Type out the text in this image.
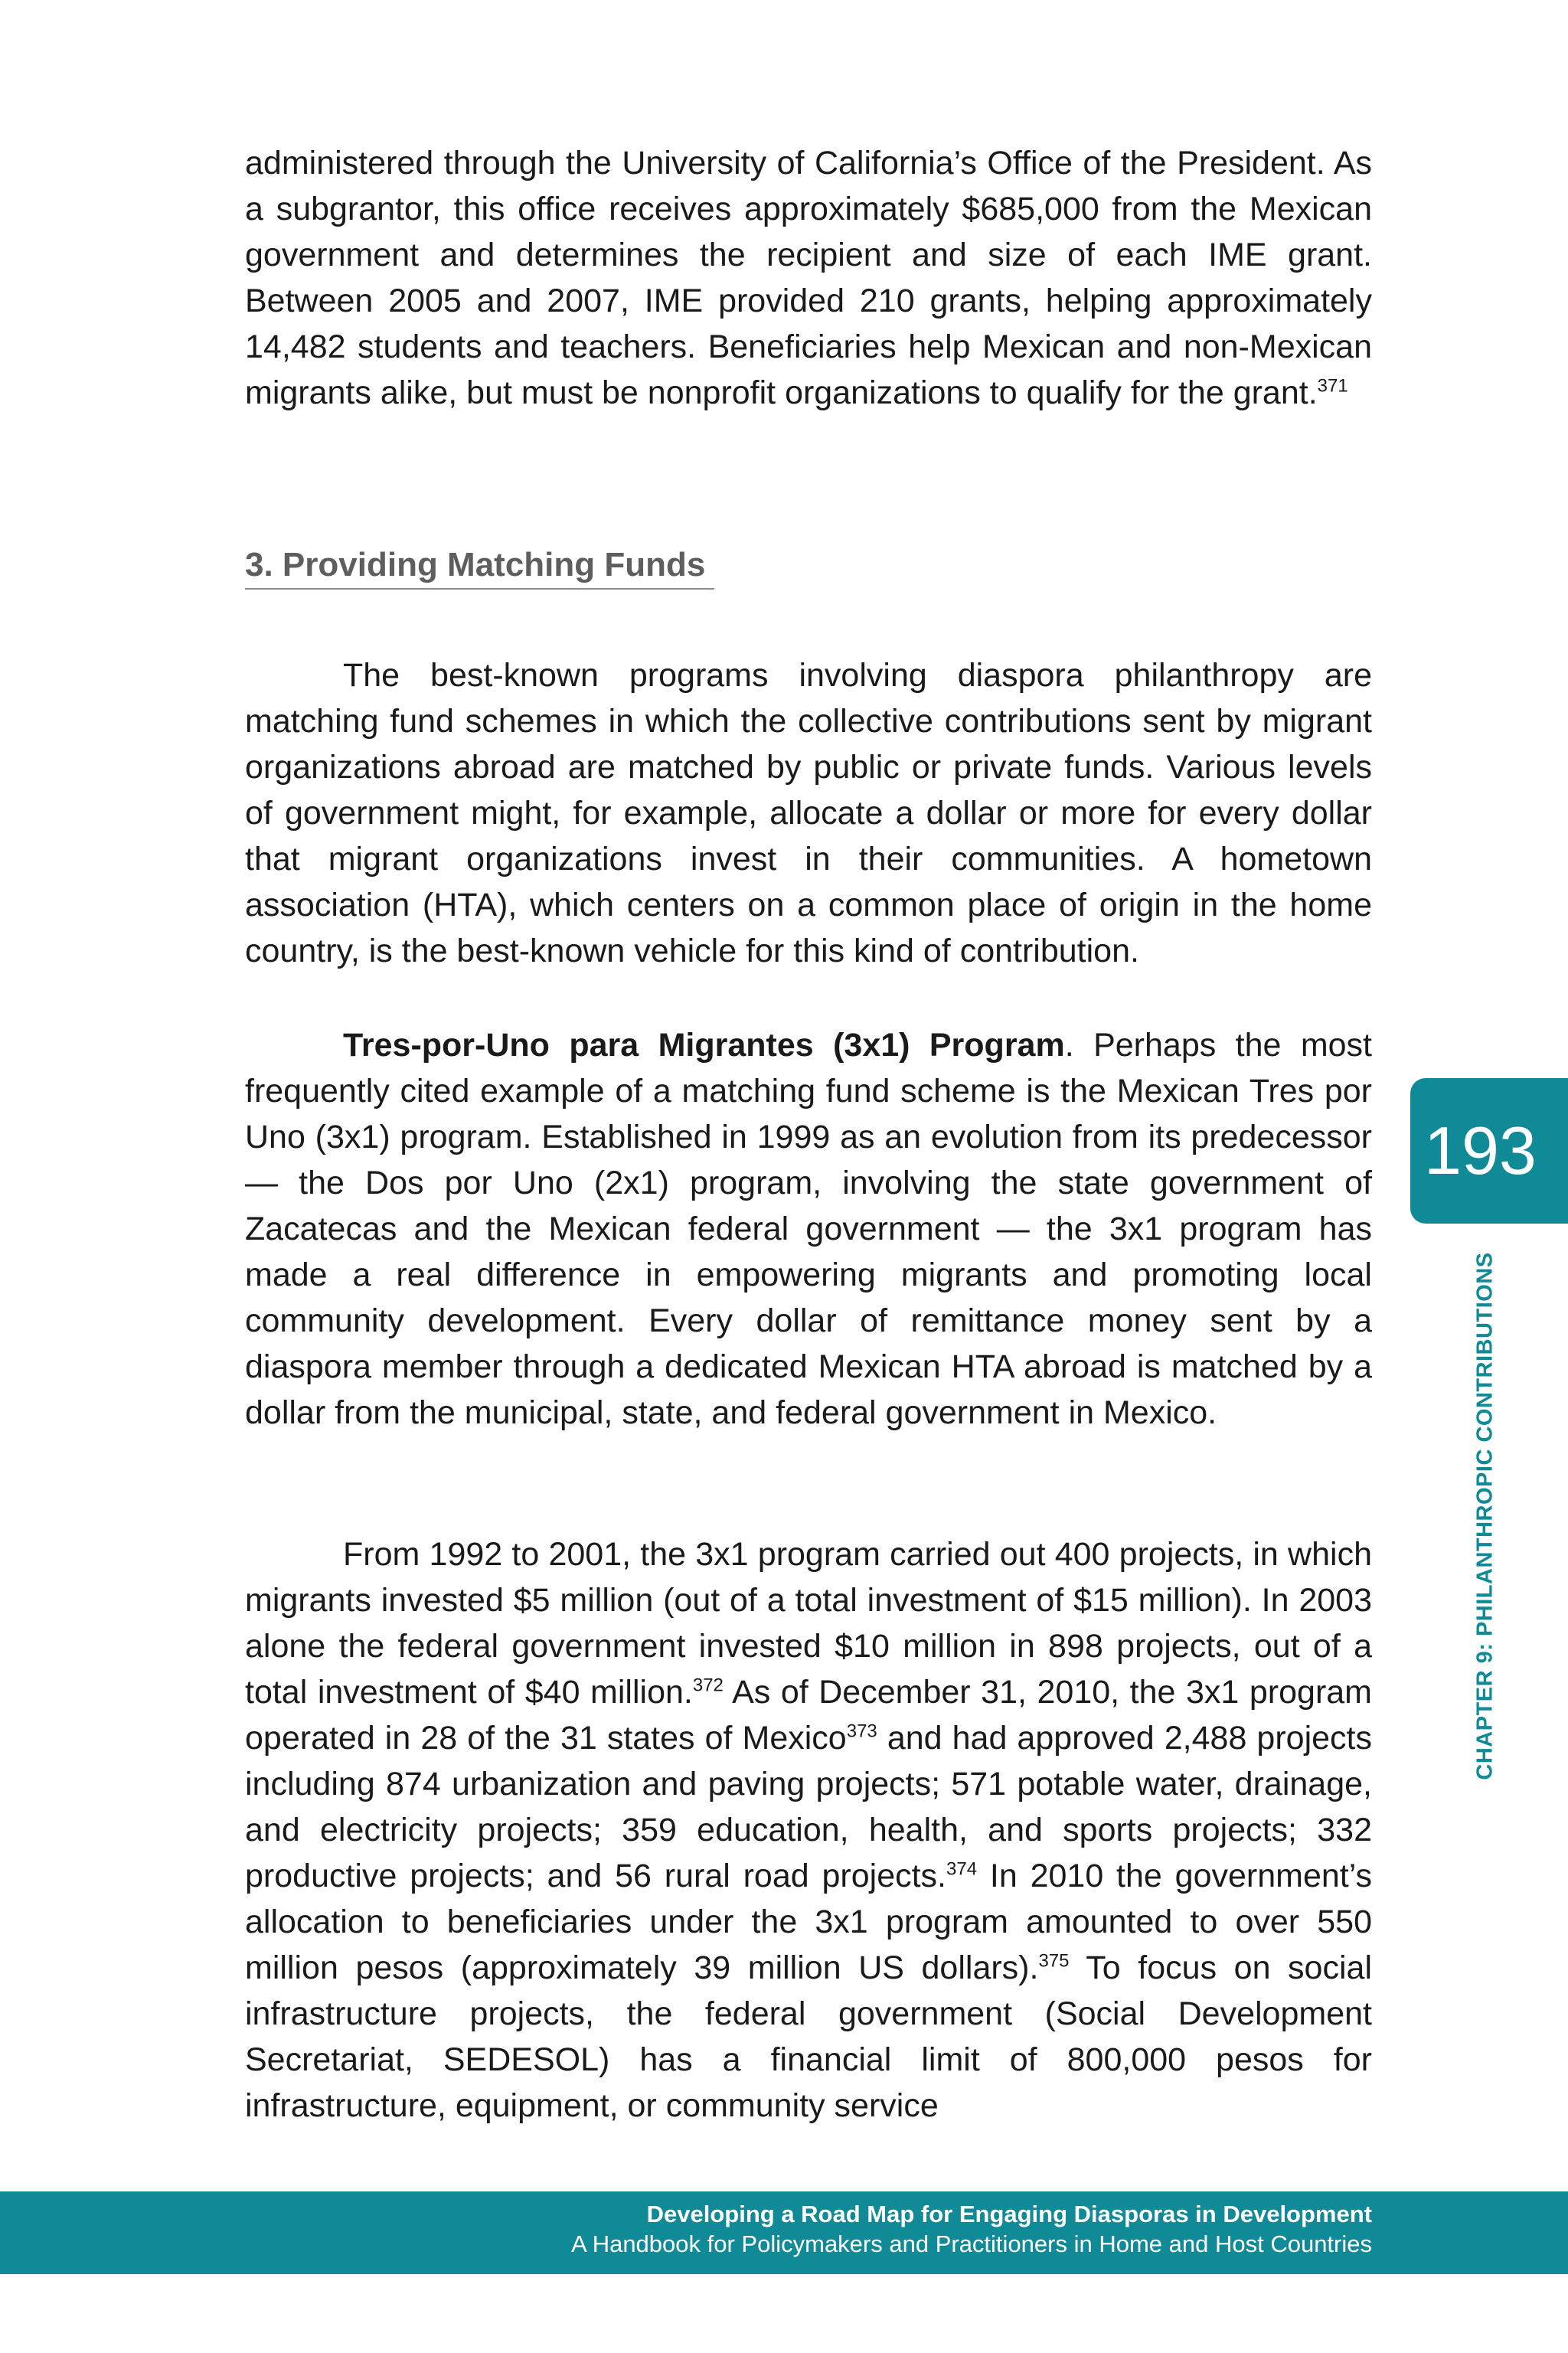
administered through the University of California’s Office of the President. As a subgrantor, this office receives approximately $685,000 from the Mexican government and determines the recipient and size of each IME grant. Between 2005 and 2007, IME provided 210 grants, helping approximately 14,482 students and teachers. Beneficiaries help Mexican and non-Mexican migrants alike, but must be nonprofit organizations to qualify for the grant.$^{371}$

3. Providing Matching Funds

The best-known programs involving diaspora philanthropy are matching fund schemes in which the collective contributions sent by migrant organizations abroad are matched by public or private funds. Various levels of government might, for example, allocate a dollar or more for every dollar that migrant organizations invest in their communities. A hometown association (HTA), which centers on a common place of origin in the home country, is the best-known vehicle for this kind of contribution.

Tres-por-Uno para Migrantes (3x1) Program. Perhaps the most frequently cited example of a matching fund scheme is the Mexican Tres por Uno (3x1) program. Established in 1999 as an evolution from its predecessor — the Dos por Uno (2x1) program, involving the state government of Zacatecas and the Mexican federal government — the 3x1 program has made a real difference in empowering migrants and promoting local community development. Every dollar of remittance money sent by a diaspora member through a dedicated Mexican HTA abroad is matched by a dollar from the municipal, state, and federal government in Mexico.

From 1992 to 2001, the 3x1 program carried out 400 projects, in which migrants invested $5 million (out of a total investment of $15 million). In 2003 alone the federal government invested $10 million in 898 projects, out of a total investment of $40 million.$^{372}$ As of December 31, 2010, the 3x1 program operated in 28 of the 31 states of Mexico$^{373}$ and had approved 2,488 projects including 874 urbanization and paving projects; 571 potable water, drainage, and electricity projects; 359 education, health, and sports projects; 332 productive projects; and 56 rural road projects.$^{374}$ In 2010 the government’s allocation to beneficiaries under the 3x1 program amounted to over 550 million pesos (approximately 39 million US dollars).$^{375}$ To focus on social infrastructure projects, the federal government (Social Development Secretariat, SEDESOL) has a financial limit of 800,000 pesos for infrastructure, equipment, or community service

193
CHAPTER 9: PHILANTHROPIC CONTRIBUTIONS
Developing a Road Map for Engaging Diasporas in Development
A Handbook for Policymakers and Practitioners in Home and Host Countries
